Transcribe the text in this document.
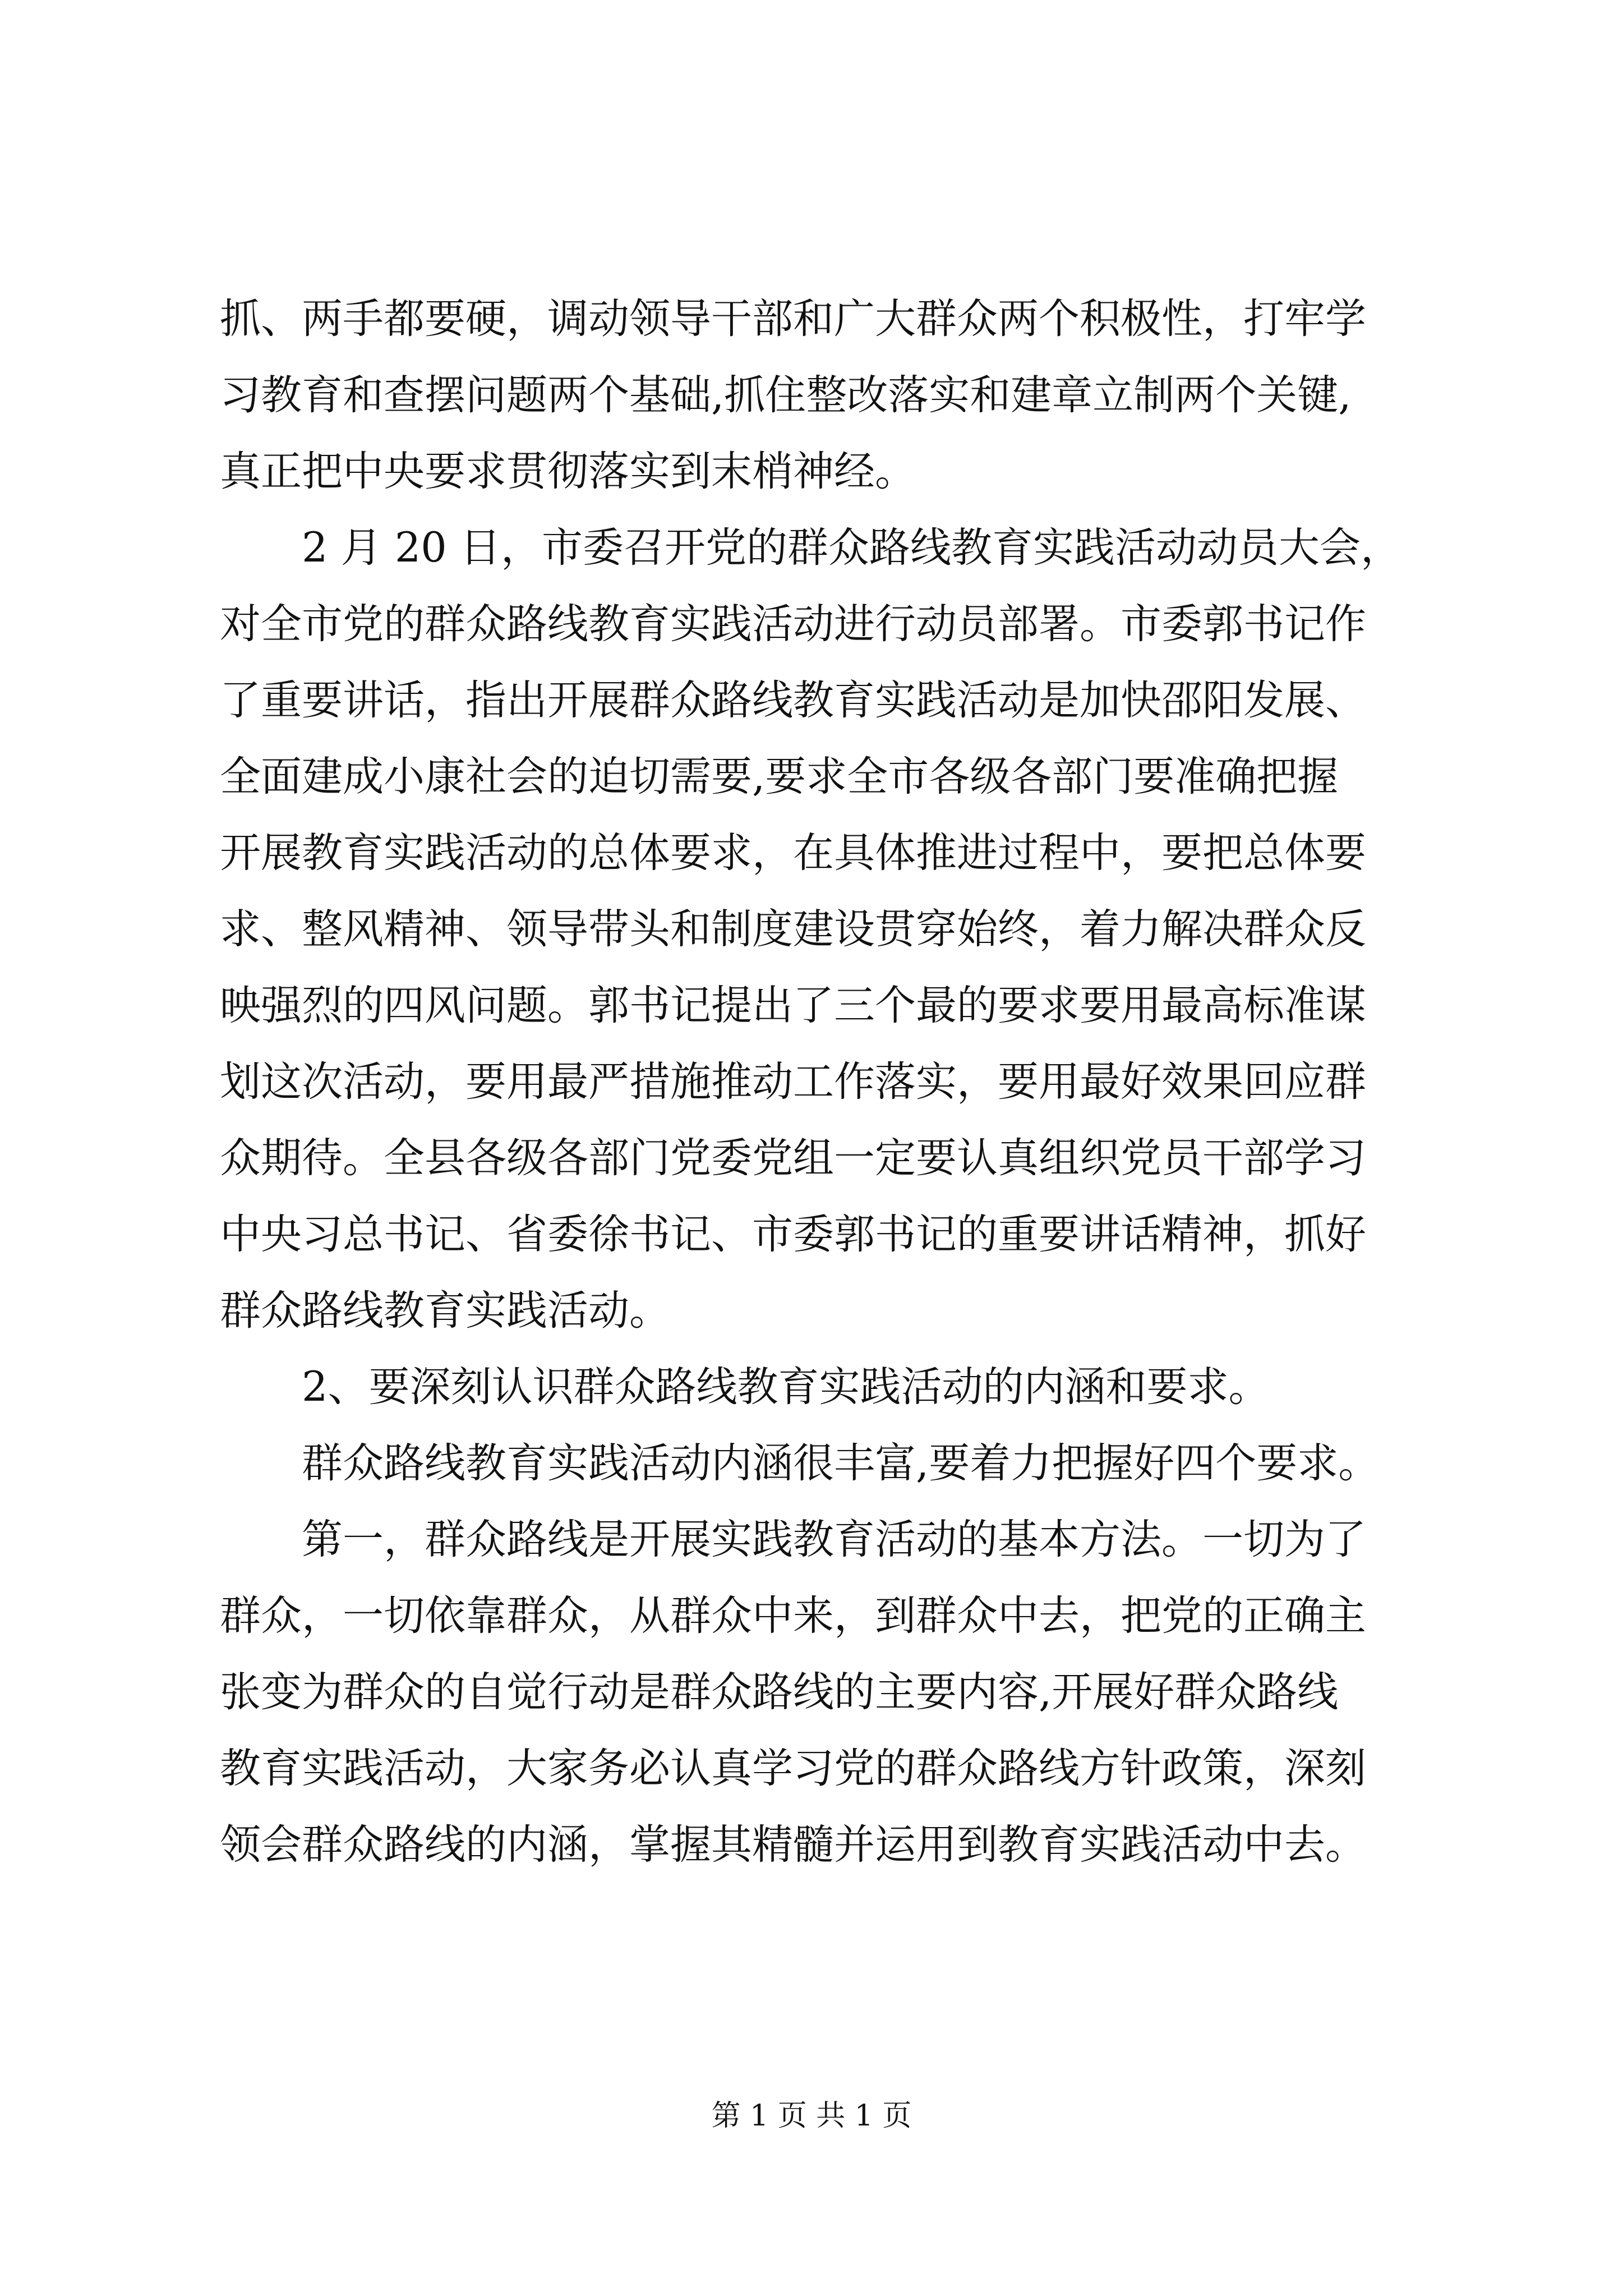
抓、两手都要硬，调动领导干部和广大群众两个积极性，打牢学
习教育和查摆问题两个基础,抓住整改落实和建章立制两个关键,
真正把中央要求贯彻落实到末梢神经。
2 月 20 日，市委召开党的群众路线教育实践活动动员大会，
对全市党的群众路线教育实践活动进行动员部署。市委郭书记作
了重要讲话，指出开展群众路线教育实践活动是加快邵阳发展、
全面建成小康社会的迫切需要,要求全市各级各部门要准确把握
开展教育实践活动的总体要求，在具体推进过程中，要把总体要
求、整风精神、领导带头和制度建设贯穿始终，着力解决群众反
映强烈的四风问题。郭书记提出了三个最的要求要用最高标准谋
划这次活动，要用最严措施推动工作落实，要用最好效果回应群
众期待。全县各级各部门党委党组一定要认真组织党员干部学习
中央习总书记、省委徐书记、市委郭书记的重要讲话精神，抓好
群众路线教育实践活动。
2、要深刻认识群众路线教育实践活动的内涵和要求。
群众路线教育实践活动内涵很丰富,要着力把握好四个要求。
第一，群众路线是开展实践教育活动的基本方法。一切为了
群众，一切依靠群众，从群众中来，到群众中去，把党的正确主
张变为群众的自觉行动是群众路线的主要内容,开展好群众路线
教育实践活动，大家务必认真学习党的群众路线方针政策，深刻
领会群众路线的内涵，掌握其精髓并运用到教育实践活动中去。
第 1 页 共 1 页
